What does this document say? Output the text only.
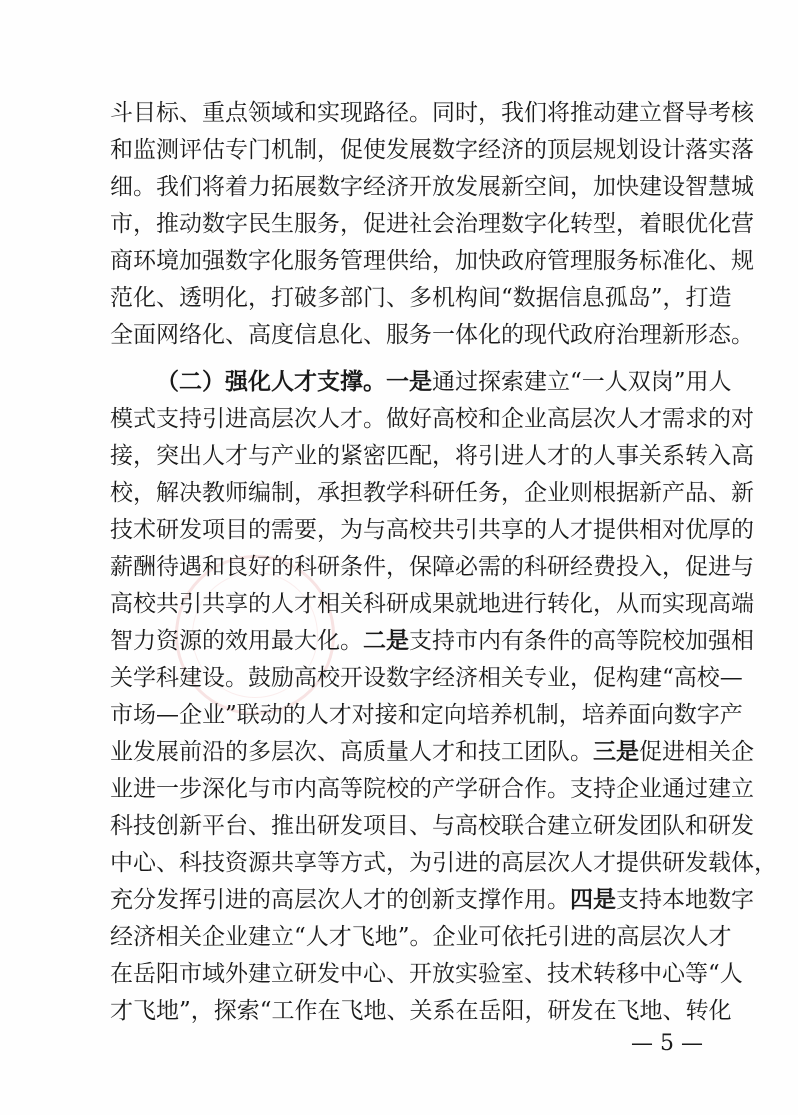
斗目标、重点领域和实现路径。同时，我们将推动建立督导考核
和监测评估专门机制，促使发展数字经济的顶层规划设计落实落
细。我们将着力拓展数字经济开放发展新空间，加快建设智慧城
市，推动数字民生服务，促进社会治理数字化转型，着眼优化营
商环境加强数字化服务管理供给，加快政府管理服务标准化、规
范化、透明化，打破多部门、多机构间“数据信息孤岛”，打造
全面网络化、高度信息化、服务一体化的现代政府治理新形态。
（二）强化人才支撑。一是通过探索建立“一人双岗”用人
模式支持引进高层次人才。做好高校和企业高层次人才需求的对
接，突出人才与产业的紧密匹配，将引进人才的人事关系转入高
校，解决教师编制，承担教学科研任务，企业则根据新产品、新
技术研发项目的需要，为与高校共引共享的人才提供相对优厚的
薪酬待遇和良好的科研条件，保障必需的科研经费投入，促进与
高校共引共享的人才相关科研成果就地进行转化，从而实现高端
智力资源的效用最大化。二是支持市内有条件的高等院校加强相
关学科建设。鼓励高校开设数字经济相关专业，促构建“高校—
市场—企业”联动的人才对接和定向培养机制，培养面向数字产
业发展前沿的多层次、高质量人才和技工团队。三是促进相关企
业进一步深化与市内高等院校的产学研合作。支持企业通过建立
科技创新平台、推出研发项目、与高校联合建立研发团队和研发
中心、科技资源共享等方式，为引进的高层次人才提供研发载体，
充分发挥引进的高层次人才的创新支撑作用。四是支持本地数字
经济相关企业建立“人才飞地”。企业可依托引进的高层次人才
在岳阳市域外建立研发中心、开放实验室、技术转移中心等“人
才飞地”，探索“工作在飞地、关系在岳阳，研发在飞地、转化
— 5 —
